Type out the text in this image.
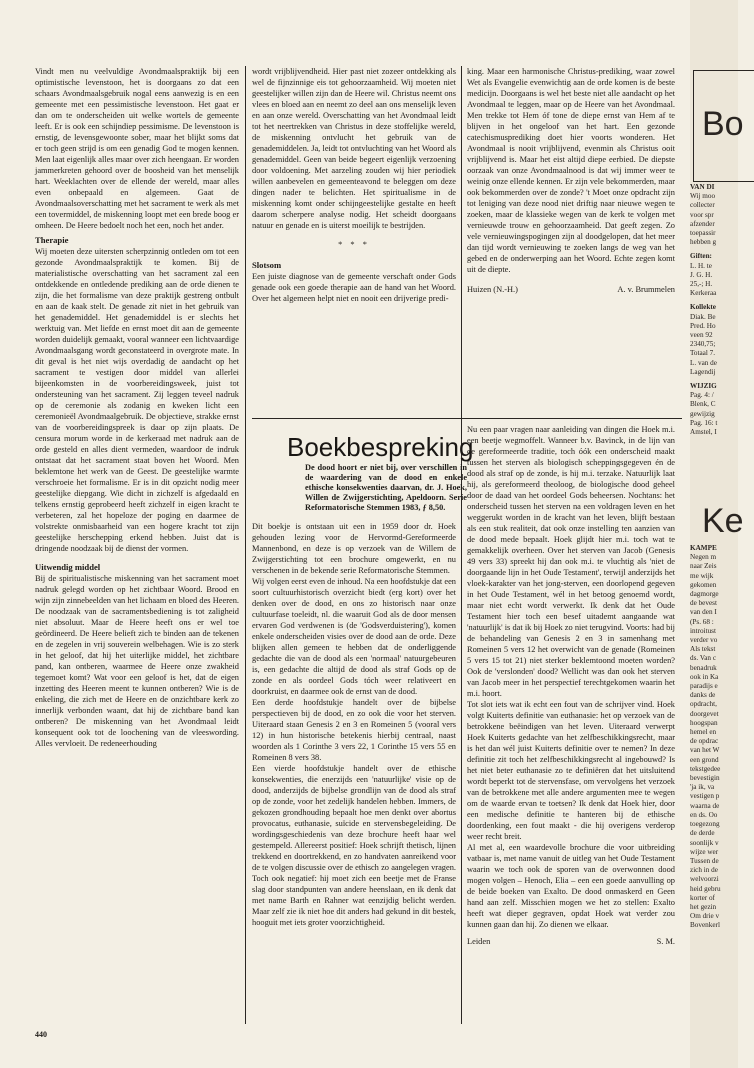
Vindt men nu veelvuldige Avondmaalspraktijk bij een optimistische levenstoon, het is doorgaans zo dat een schaars Avondmaalsgebruik nogal eens aanwezig is en een gemeente met een pessimistische levenstoon. Het gaat er dan om te onderscheiden uit welke wortels de gemeente leeft. Er is ook een schijndiep pessimisme. De levenstoon is ernstig, de levensgewoonte sober, maar het blijkt soms dat er toch geen strijd is om een genadig God te mogen kennen. Men laat eigenlijk alles maar over zich heengaan. Er worden jammerkreten gehoord over de boosheid van het menselijk hart. Weeklachten over de ellende der wereld, maar alles even onbepaald en algemeen. Gaat de Avondmaalsoverschatting met het sacrament te werk als met een tovermiddel, de miskenning loopt met een brede boog er omheen. De Heere bedoelt noch het een, noch het ander.

Therapie

Wij moeten deze uitersten scherpzinnig ontleden om tot een gezonde Avondmaalspraktijk te komen. Bij de materialistische overschatting van het sacrament zal een ontdekkende en ontledende prediking aan de orde dienen te zijn, die het formalisme van deze praktijk gestreng ontbult en aan de kaak stelt. De genade zit niet in het gebruik van het genademiddel. Het genademiddel is er slechts het werktuig van. Met liefde en ernst moet dit aan de gemeente worden duidelijk gemaakt, vooral wanneer een lichtvaardige Avondmaalsgang wordt geconstateerd in overgrote mate. In dit geval is het niet wijs overdadig de aandacht op het sacrament te vestigen door middel van allerlei bijeenkomsten in de voorbereidingsweek, juist tot ondersteuning van het sacrament. Zij leggen teveel nadruk op de ceremonie als zodanig en kweken licht een ceremonieël Avondmaalgebruik. De objectieve, strakke ernst van de voorbereidingspreek is daar op zijn plaats. De censura morum worde in de kerkeraad met nadruk aan de orde gesteld en alles dient vermeden, waardoor de indruk ontstaat dat het sacrament staat boven het Woord. Men beklemtone het werk van de Geest. De geestelijke warmte verschroeie het formalisme. Er is in dit opzicht nodig meer geestelijke diepgang. Wie dicht in zichzelf is afgedaald en telkens ernstig geprobeerd heeft zichzelf in eigen kracht te verbeteren, zal het hopeloze der poging en daarmee de volstrekte onmisbaarheid van een hogere kracht tot zijn geestelijke herschepping erkend hebben. Juist dat is dringende noodzaak bij de dienst der vormen.

Uitwendig middel

Bij de spiritualistische miskenning van het sacrament moet nadruk gelegd worden op het zichtbaar Woord. Brood en wijn zijn zinnebeelden van het lichaam en bloed des Heeren. De noodzaak van de sacramentsbediening is tot zaligheid niet absoluut. Maar de Heere heeft ons er wel toe geördineerd. De Heere belieft zich te binden aan de tekenen en de zegelen in vrij souverein welbehagen. Wie is zo sterk in het geloof, dat hij het uiterlijke middel, het zichtbare pand, kan ontberen, waarmee de Heere onze zwakheid tegemoet komt? Wat voor een geloof is het, dat de eigen inzetting des Heeren meent te kunnen ontberen? Wie is de enkeling, die zich met de Heere en de onzichtbare kerk zo innerlijk verbonden waant, dat hij de zichtbare band kan ontberen? De miskenning van het Avondmaal leidt konsequent ook tot de loochening van de vleeswording. Alles vervloeit. De redeneerhouding

wordt vrijblijvendheid. Hier past niet zozeer ontdekking als wel de fijnzinnige eis tot gehoorzaamheid. Wij moeten niet geestelijker willen zijn dan de Heere wil. Christus neemt ons vlees en bloed aan en neemt zo deel aan ons menselijk leven en aan onze wereld. Overschatting van het Avondmaal leidt tot het neertrekken van Christus in deze stoffelijke wereld, de miskenning ontvlucht het gebruik van de genademiddelen. Ja, leidt tot ontvluchting van het Woord als genademiddel. Geen van beide begeert eigenlijk verzoening door voldoening. Met aarzeling zouden wij hier periodiek willen aanbevelen en gemeenteavond te beleggen om deze dingen nader te belichten. Het spiritualisme in de miskenning komt onder schijngeestelijke gestalte en heeft daarom scherpere analyse nodig. Het scheidt doorgaans natuur en genade en is uiterst moeilijk te bestrijden.

* * *
Slotsom

Een juiste diagnose van de gemeente verschaft onder Gods genade ook een goede therapie aan de hand van het Woord. Over het algemeen helpt niet en nooit een drijverige predi-

king. Maar een harmonische Christus-prediking, waar zowel Wet als Evangelie evenwichtig aan de orde komen is de beste medicijn. Doorgaans is wel het beste niet alle aandacht op het Avondmaal te leggen, maar op de Heere van het Avondmaal. Men trekke tot Hem óf tone de diepe ernst van Hem af te blijven in het ongeloof van het hart. Een gezonde catechismusprediking doet hier voorts wonderen. Het Avondmaal is nooit vrijblijvend, evenmin als Christus ooit vrijblijvend is. Maar het eist altijd diepe eerbied. De diepste oorzaak van onze Avondmaalnood is dat wij immer weer te weinig onze ellende kennen. Er zijn vele bekommerden, maar ook bekommerden over de zonde? 't Moet onze opdracht zijn tot leniging van deze nood niet driftig naar nieuwe wegen te zoeken, maar de klassieke wegen van de kerk te volgen met vernieuwde trouw en gehoorzaamheid. Dat geeft zegen. Zo vele vernieuwingspogingen zijn al doodgelopen, dat het meer dan tijd wordt vernieuwing te zoeken langs de weg van het gebed en de onderwerping aan het Woord. Echte zegen komt uit de diepte.

Huizen (N.-H.)	A. v. Brummelen
Boekbespreking
De dood hoort er niet bij, over verschillen in de waardering van de dood en enkele ethische konsekwenties daarvan, dr. J. Hoek, Willen de Zwijgerstichting, Apeldoorn. Serie Reformatorische Stemmen 1983, ƒ 8,50.

Dit boekje is ontstaan uit een in 1959 door dr. Hoek gehouden lezing voor de Hervormd-Gereformeerde Mannenbond, en deze is op verzoek van de Willem de Zwijgerstichting tot een brochure omgewerkt, en nu verschenen in de bekende serie Reformatorische Stemmen.

Wij volgen eerst even de inhoud. Na een hoofdstukje dat een soort cultuurhistorisch overzicht biedt (erg kort) over het denken over de dood, en ons zo historisch naar onze cultuurfase toeleidt, nl. die waaruit God als de door mensen ervaren God verdwenen is (de 'Godsverduistering'), komen enkele onderscheiden visies over de dood aan de orde. Deze blijken allen gemeen te hebben dat de onderliggende gedachte die van de dood als een 'normaal' natuurgebeuren is, een gedachte die altijd de dood als straf Gods op de zonde en als oordeel Gods tóch weer relativeert en doorkruist, en daarmee ook de ernst van de dood.

Een derde hoofdstukje handelt over de bijbelse perspectieven bij de dood, en zo ook die voor het sterven. Uiteraard staan Genesis 2 en 3 en Romeinen 5 (vooral vers 12) in hun historische betekenis hierbij centraal, naast woorden als 1 Corinthe 3 vers 22, 1 Corinthe 15 vers 55 en Romeinen 8 vers 38.

Een vierde hoofdstukje handelt over de ethische konsekwenties, die enerzijds een 'natuurlijke' visie op de dood, anderzijds de bijbelse grondlijn van de dood als straf op de zonde, voor het zedelijk handelen hebben. Immers, de gekozen grondhouding bepaalt hoe men denkt over abortus provocatus, euthanasie, suïcide en stervensbegeleiding. De wordingsgeschiedenis van deze brochure heeft haar wel gestempeld. Allereerst positief: Hoek schrijft thetisch, lijnen trekkend en doortrekkend, en zo handvaten aanreikend voor de te volgen discussie over de ethisch zo aangelegen vragen. Toch ook negatief: hij moet zich een beetje met de Franse slag door standpunten van andere heenslaan, en ik denk dat met name Barth en Rahner wat eenzijdig belicht werden. Maar zelf zie ik niet hoe dit anders had gekund in dit bestek, hooguit met iets groter voorzichtigheid.

Nu een paar vragen naar aanleiding van dingen die Hoek m.i. een beetje wegmoffelt. Wanneer b.v. Bavinck, in de lijn van de gereformeerde traditie, toch óók een onderscheid maakt tussen het sterven als biologisch scheppingsgegeven én de dood als straf op de zonde, is hij m.i. terzake. Natuurlijk laat hij, als gereformeerd theoloog, de biologische dood geheel door de daad van het oordeel Gods beheersen. Nochtans: het onderscheid tussen het sterven na een voldragen leven en het weggerukt worden in de kracht van het leven, blijft bestaan als een stuk realiteit, dat ook onze instelling ten aanzien van de dood mede bepaalt. Hoek glijdt hier m.i. toch wat te gemakkelijk overheen. Over het sterven van Jacob (Genesis 49 vers 33) spreekt hij dan ook m.i. te vluchtig als 'niet de doorgaande lijn in het Oude Testament', terwijl anderzijds het vloek-karakter van het jong-sterven, een doorlopend gegeven in het Oude Testament, wél in het betoog genoemd wordt, maar niet echt wordt verwerkt. Ik denk dat het Oude Testament hier toch een besef uitademt aangaande wat 'natuurlijk' is dat ik bij Hoek zo niet terugvind. Voorts: had bij de behandeling van Genesis 2 en 3 in samenhang met Romeinen 5 vers 12 het overwicht van de genade (Romeinen 5 vers 15 tot 21) niet sterker beklemtoond moeten worden? Ook de 'verslonden' dood? Wellicht was dan ook het sterven van Jacob meer in het perspectief terechtgekomen waarin het m.i. hoort.

Tot slot iets wat ik echt een fout van de schrijver vind. Hoek volgt Kuiterts definitie van euthanasie: het op verzoek van de betrokkene beëindigen van het leven. Uiteraard verwerpt Hoek Kuiterts gedachte van het zelfbeschikkingsrecht, maar is het dan wél juist Kuiterts definitie over te nemen? In deze definitie zit toch het zelfbeschikkingsrecht al ingebouwd? Is het niet beter euthanasie zo te definiëren dat het uitsluitend wordt beperkt tot de stervensfase, om vervolgens het verzoek van de betrokkene met alle andere argumenten mee te wegen om de waarde ervan te toetsen? Ik denk dat Hoek hier, door een medische definitie te hanteren bij de ethische doordenking, een fout maakt - die hij overigens verderop weer recht breit.

Al met al, een waardevolle brochure die voor uitbreiding vatbaar is, met name vanuit de uitleg van het Oude Testament waarin we toch ook de sporen van de overwonnen dood mogen volgen – Henoch, Elia – een een goede aanvulling op de beide boeken van Exalto. De dood onmaskerd en Geen hand aan zelf. Misschien mogen we het zo stellen: Exalto heeft wat dieper gegraven, opdat Hoek wat verder zou kunnen gaan dan hij. Zo dienen we elkaar.

Leiden	S. M.
440
Bo
VAN DI
Wij moo
collecter
voor spr
afzender
toepassir
hebben g
Giften:
L. H. te
J. G. H.
25,-; H.
Kerkeraa
Kollekte
Diak. Be
Pred. Ho
veen 92
2340,75;
Totaal 7.
L. van de
Lagendij
WIJZIG
Pag. 4: /
Blenk, C
gewijzig
Pag. 16: t
Amstel, I
Ke
KAMPE
Negen m
naar Zeis
me wijk
gekomen
dagmorge
de bevest
van den I
(Ps. 68 :
introitust
verder vo
Als tekst
ds. Van c
benadruk
ook in Ka
paradijs e
danks de
opdracht,
doorgevet
hoogspan
hemel en
de opdrac
van het W
een grond
tekstgedee
bevestigin
'ja ik, va
vestigen p
waarna de
en ds. Oo
toegezong
de derde
soonlijk v
wijze wer
Tussen de
zich in de
welvoorzi
heid gebru
korter of
het gezin
Om drie v
Bovenkerl
